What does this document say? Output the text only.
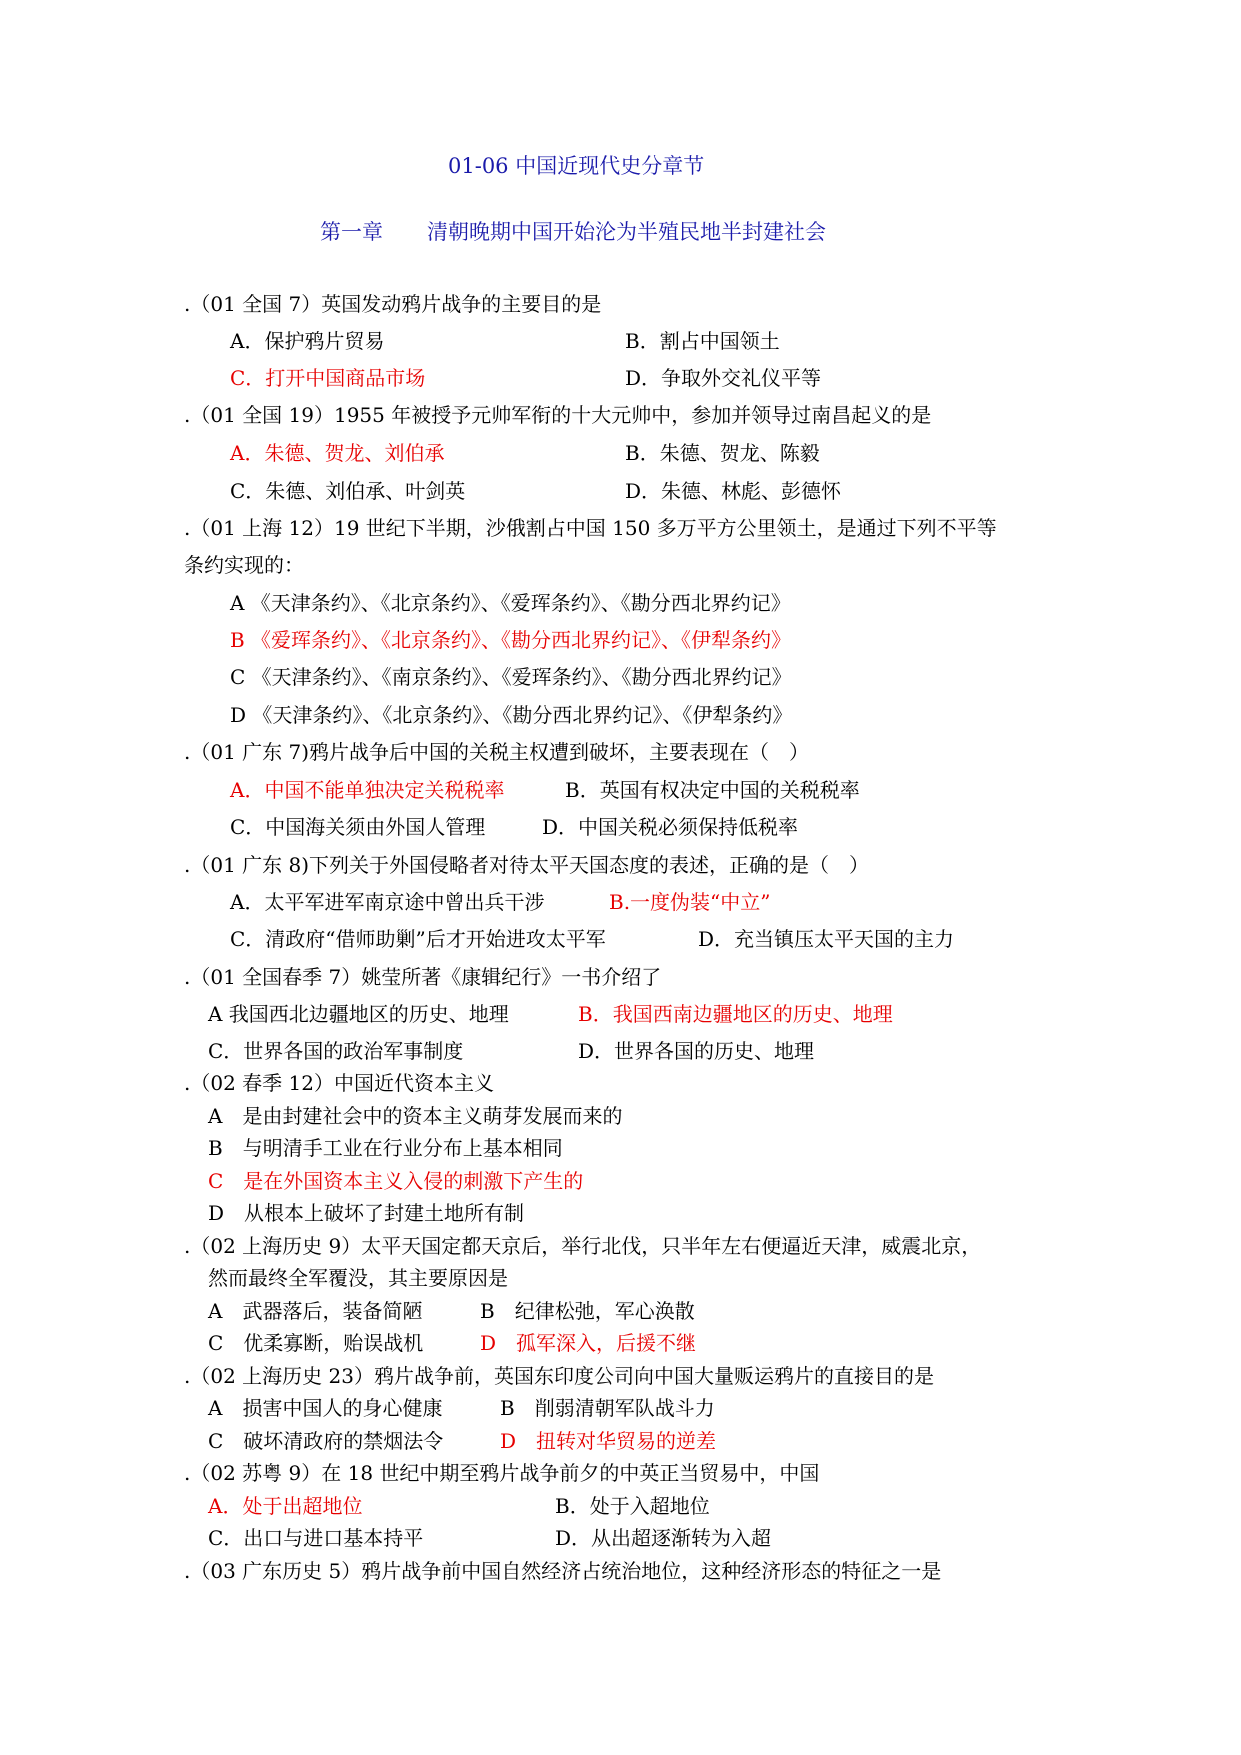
01-06 中国近现代史分章节
第一章 清朝晚期中国开始沦为半殖民地半封建社会
.（01 全国 7）英国发动鸦片战争的主要目的是
A．保护鸦片贸易	B．割占中国领土
C．打开中国商品市场	D．争取外交礼仪平等
.（01 全国 19）1955 年被授予元帅军衔的十大元帅中，参加并领导过南昌起义的是
A．朱德、贺龙、刘伯承	B．朱德、贺龙、陈毅
C．朱德、刘伯承、叶剑英	D．朱德、林彪、彭德怀
.（01 上海 12）19 世纪下半期，沙俄割占中国 150 多万平方公里领土，是通过下列不平等
条约实现的：
A 《天津条约》、《北京条约》、《爱珲条约》、《勘分西北界约记》
B 《爱珲条约》、《北京条约》、《勘分西北界约记》、《伊犁条约》
C 《天津条约》、《南京条约》、《爱珲条约》、《勘分西北界约记》
D 《天津条约》、《北京条约》、《勘分西北界约记》、《伊犁条约》
.（01 广东 7)鸦片战争后中国的关税主权遭到破坏，主要表现在（　）
A．中国不能单独决定关税税率	B．英国有权决定中国的关税税率
C．中国海关须由外国人管理	D．中国关税必须保持低税率
.（01 广东 8)下列关于外国侵略者对待太平天国态度的表述，正确的是（　）
A．太平军进军南京途中曾出兵干涉	B.一度伪装“中立”
C．清政府“借师助剿”后才开始进攻太平军	D．充当镇压太平天国的主力
.（01 全国春季 7）姚莹所著《康辑纪行》一书介绍了
A 我国西北边疆地区的历史、地理	B．我国西南边疆地区的历史、地理
C．世界各国的政治军事制度	D．世界各国的历史、地理
.（02 春季 12）中国近代资本主义
A　是由封建社会中的资本主义萌芽发展而来的
B　与明清手工业在行业分布上基本相同
C　是在外国资本主义入侵的刺激下产生的
D　从根本上破坏了封建土地所有制
.（02 上海历史 9）太平天国定都天京后，举行北伐，只半年左右便逼近天津，威震北京，
然而最终全军覆没，其主要原因是
A　武器落后，装备简陋	B　纪律松弛，军心涣散
C　优柔寡断，贻误战机	D　孤军深入，后援不继
.（02 上海历史 23）鸦片战争前，英国东印度公司向中国大量贩运鸦片的直接目的是
A　损害中国人的身心健康	B　削弱清朝军队战斗力
C　破坏清政府的禁烟法令	D　扭转对华贸易的逆差
.（02 苏粤 9）在 18 世纪中期至鸦片战争前夕的中英正当贸易中，中国
A．处于出超地位	B．处于入超地位
C．出口与进口基本持平	D．从出超逐渐转为入超
.（03 广东历史 5）鸦片战争前中国自然经济占统治地位，这种经济形态的特征之一是
